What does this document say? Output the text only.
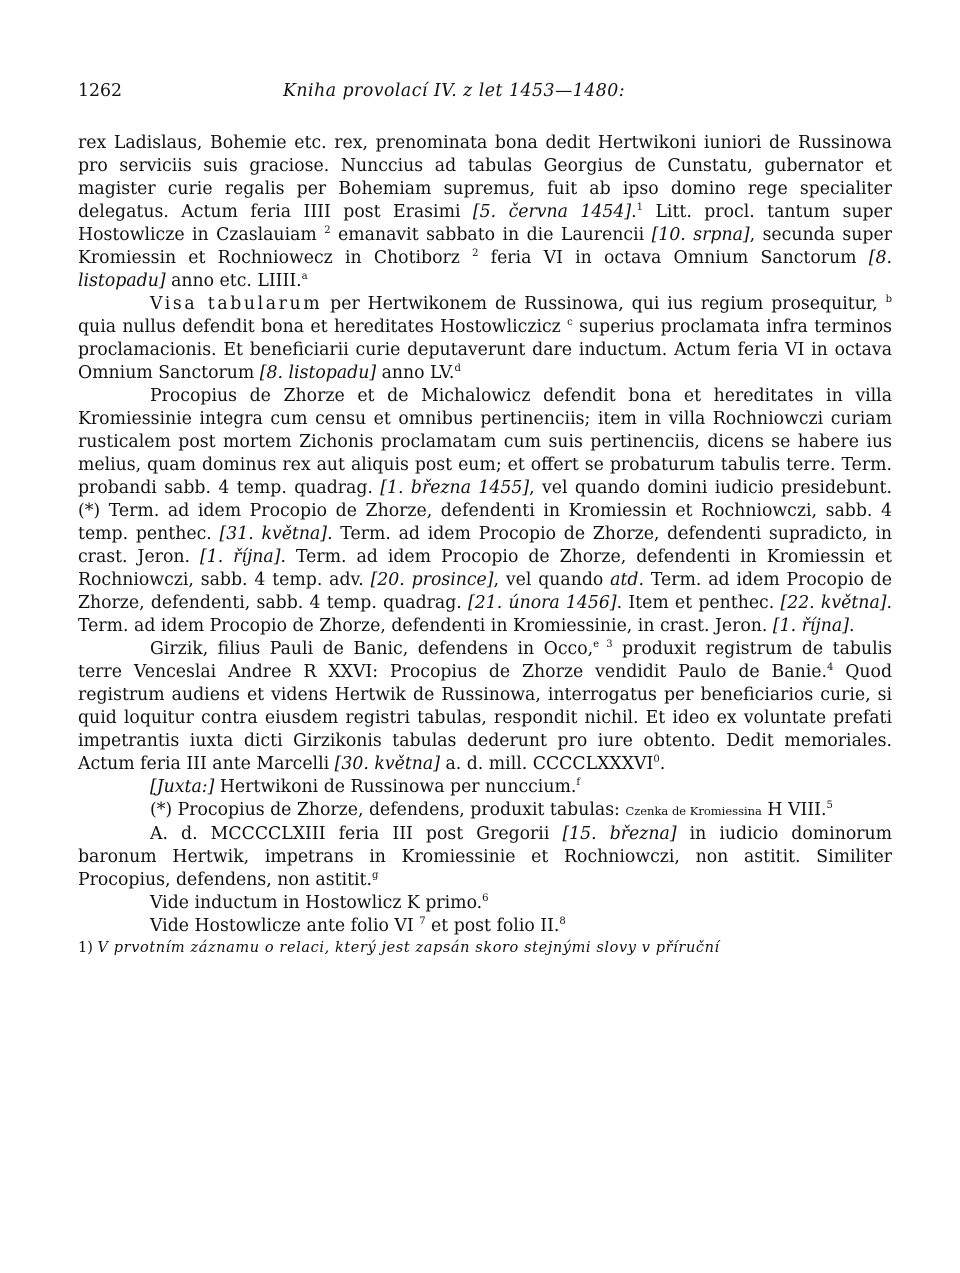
1262	Kniha provolací IV. z let 1453—1480:

rex Ladislaus, Bohemie etc. rex, prenominata bona dedit Hertwikoni iuniori de Russinowa pro serviciis suis graciose. Nunccius ad tabulas Georgius de Cunstatu, gubernator et magister curie regalis per Bohemiam supremus, fuit ab ipso domino rege specialiter delegatus. Actum feria IIII post Erasimi [5. června 1454].$^1$ Litt. procl. tantum super Hostowlicze in Czaslauiam $^2$ emanavit sabbato in die Laurencii [10. srpna], secunda super Kromiessin et Rochniowecz in Chotiborz $^2$ feria VI in octava Omnium Sanctorum [8. listopadu] anno etc. LIIII.$^a$

Visa tabularum per Hertwikonem de Russinowa, qui ius regium prosequitur, $^b$ quia nullus defendit bona et hereditates Hostowliczicz $^c$ superius proclamata infra terminos proclamacionis. Et beneficiarii curie deputaverunt dare inductum. Actum feria VI in octava Omnium Sanctorum [8. listopadu] anno LV.$^d$

Procopius de Zhorze et de Michalowicz defendit bona et hereditates in villa Kromiessinie integra cum censu et omnibus pertinenciis; item in villa Rochniowczi curiam rusticalem post mortem Zichonis proclamatam cum suis pertinenciis, dicens se habere ius melius, quam dominus rex aut aliquis post eum; et offert se probaturum tabulis terre. Term. probandi sabb. 4 temp. quadrag. [1. března 1455], vel quando domini iudicio presidebunt. (*) Term. ad idem Procopio de Zhorze, defendenti in Kromiessin et Rochniowczi, sabb. 4 temp. penthec. [31. května]. Term. ad idem Procopio de Zhorze, defendenti supradicto, in crast. Jeron. [1. října]. Term. ad idem Procopio de Zhorze, defendenti in Kromiessin et Rochniowczi, sabb. 4 temp. adv. [20. prosince], vel quando atd. Term. ad idem Procopio de Zhorze, defendenti, sabb. 4 temp. quadrag. [21. února 1456]. Item et penthec. [22. května]. Term. ad idem Procopio de Zhorze, defendenti in Kromiessinie, in crast. Jeron. [1. října].

Girzik, filius Pauli de Banic, defendens in Occo,$^{e 3}$ produxit registrum de tabulis terre Venceslai Andree R XXVI: Procopius de Zhorze vendidit Paulo de Banie.$^4$ Quod registrum audiens et videns Hertwik de Russinowa, interrogatus per beneficiarios curie, si quid loquitur contra eiusdem registri tabulas, respondit nichil. Et ideo ex voluntate prefati impetrantis iuxta dicti Girzikonis tabulas dederunt pro iure obtento. Dedit memoriales. Actum feria III ante Marcelli [30. května] a. d. mill. CCCCLXXXVI$^0$.

[Juxta:] Hertwikoni de Russinowa per nunccium.$^f$

(*) Procopius de Zhorze, defendens, produxit tabulas: Czenka de Kromiessina H VIII.$^5$

A. d. MCCCCLXIII feria III post Gregorii [15. března] in iudicio dominorum baronum Hertwik, impetrans in Kromiessinie et Rochniowczi, non astitit. Similiter Procopius, defendens, non astitit.$^g$

Vide inductum in Hostowlicz K primo.$^6$

Vide Hostowlicze ante folio VI $^7$ et post folio II.$^8$

1) V prvotním záznamu o relaci, který jest zapsán skoro stejnými slovy v příruční
